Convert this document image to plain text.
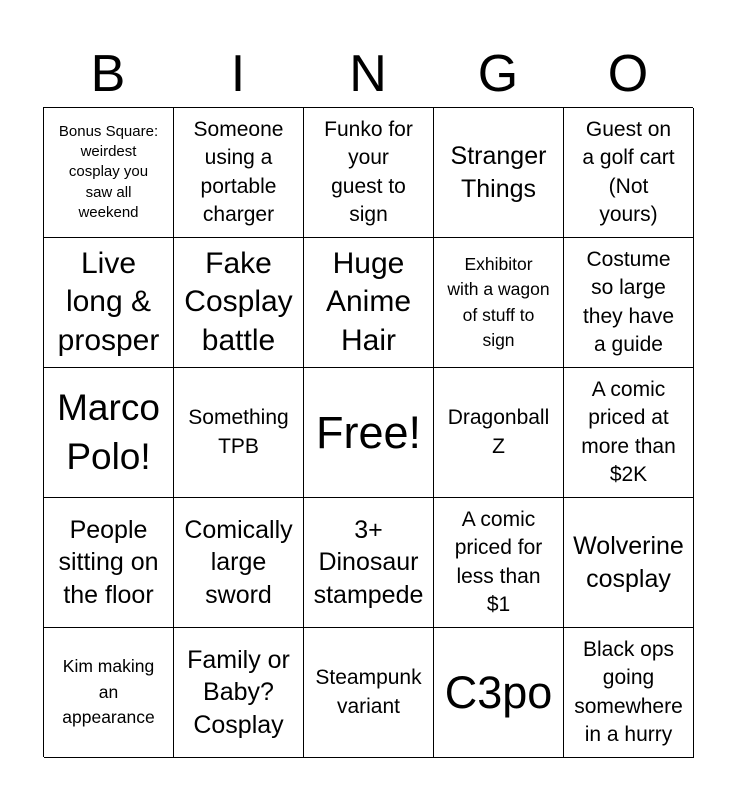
B	I	N	G	O
Bonus Square:
weirdest
cosplay you
saw all
weekend
Someone
using a
portable
charger
Funko for
your
guest to
sign
Stranger
Things
Guest on
a golf cart
(Not
yours)
Live
long &
prosper
Fake
Cosplay
battle
Huge
Anime
Hair
Exhibitor
with a wagon
of stuff to
sign
Costume
so large
they have
a guide
Marco
Polo!
Something
TPB	Free! Dragonball
Z
A comic
priced at
more than
$2K
People
sitting on
the floor
Comically
large
sword
3+
Dinosaur
stampede
A comic
priced for
less than
$1
Wolverine
cosplay
Kim making
an
appearance
Family or
Baby?
Cosplay
Steampunk
variant C3po
Black ops
going
somewhere
in a hurry
